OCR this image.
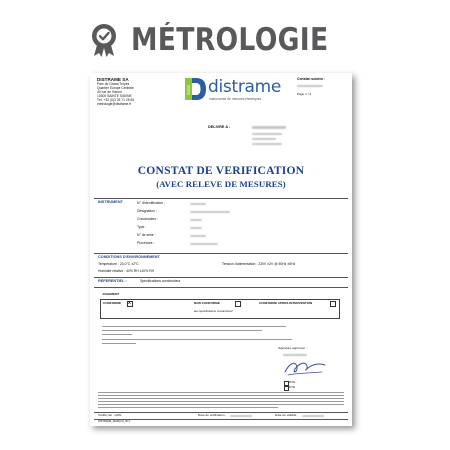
MÉTROLOGIE
DISTRAME SA
Parc du Grand Troyes
Quartier Europe Centrale
40 rue de Vienne
10300 SAINTE SAVINE
Tél. +33 (0)3 25 71 25 83
metrologie@distrame.fr
distrame
Instruments de mesures électriques
Constat numéro :
Page 1 / 4
DELIVRE A :
CONSTAT DE VERIFICATION
(AVEC RELEVE DE MESURES)
INSTRUMENT	N° d'identification :
Désignation :
Constructeur :
Type :
N° de série :
Procédure :
CONDITIONS D'ENVIRONNEMENT
Température : 23,0°C ±2°C
Humidité relative : 40% RH ±20% RH
Tension d'alimentation : 230V ±2V @ 50Hz ±5Hz
REFERENTIEL :	Spécifications constructeur
JUGEMENT
CONFORME X	NON CONFORME	CONFORME APRES INTERVENTION
aux spécifications constructeur¹
Signature approuvé :
DVD
DTD
Vérifié par : LMG	Date de vérification :	Date de validité :
DISTRAME_MARQ.M_00.V
